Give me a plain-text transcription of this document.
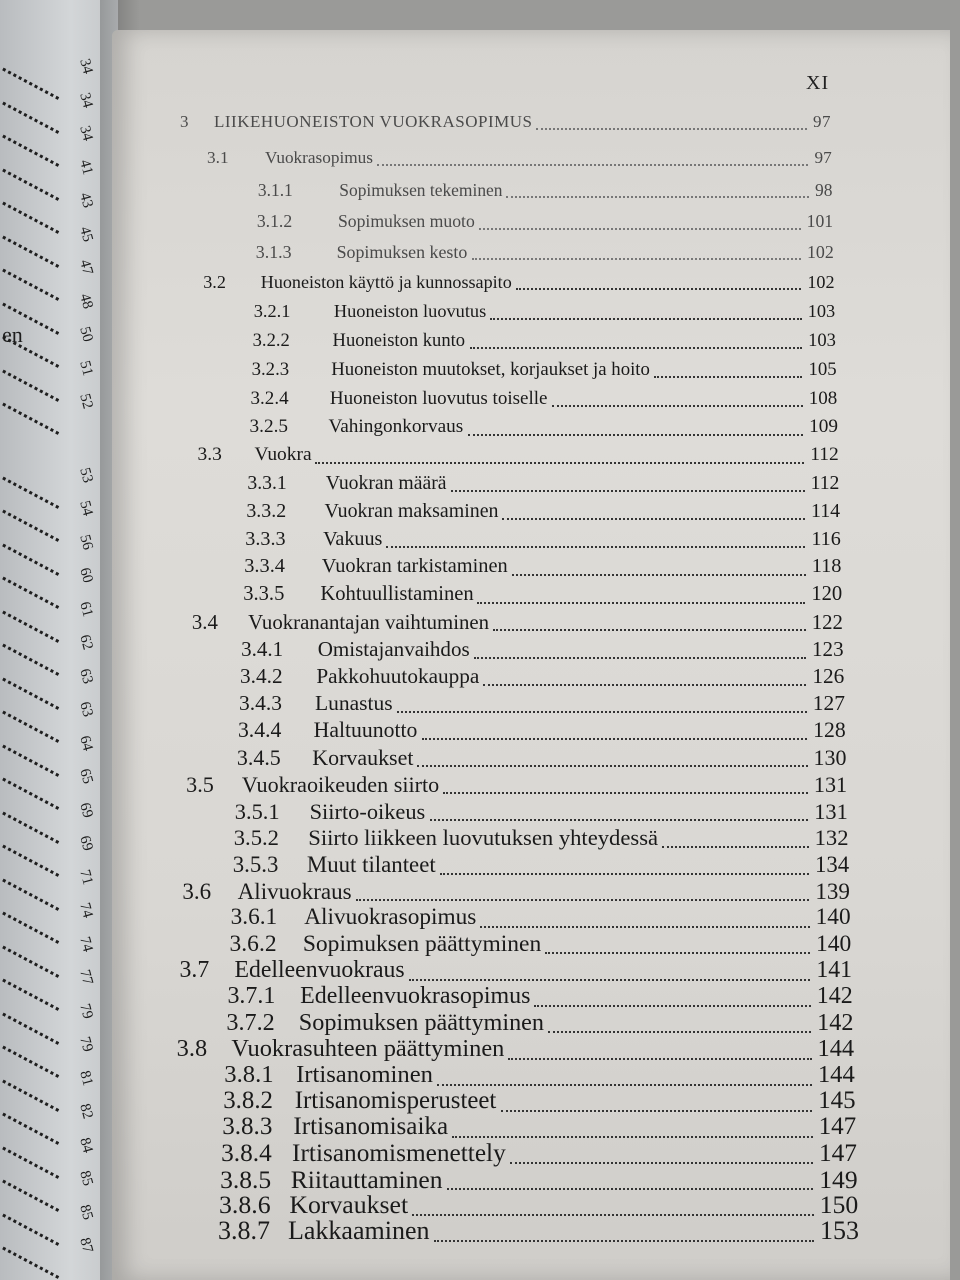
34
34
34
41
43
45
47
48
50
51
52
53
54
56
60
61
62
63
63
64
65
69
69
71
74
74
77
79
79
81
82
84
85
85
87
en
XI
3 LIIKEHUONEISTON VUOKRASOPIMUS	97
3.1 Vuokrasopimus	97
3.1.1	Sopimuksen tekeminen	98
3.1.2	Sopimuksen muoto	101
3.1.3	Sopimuksen kesto	102
3.2 Huoneiston käyttö ja kunnossapito	102
3.2.1 Huoneiston luovutus	103
3.2.2 Huoneiston kunto	103
3.2.3 Huoneiston muutokset, korjaukset ja hoito	105
3.2.4 Huoneiston luovutus toiselle	108
3.2.5 Vahingonkorvaus	109
3.3 Vuokra	112
3.3.1 Vuokran määrä	112
3.3.2 Vuokran maksaminen	114
3.3.3 Vakuus	116
3.3.4 Vuokran tarkistaminen	118
3.3.5 Kohtuullistaminen	120
3.4 Vuokranantajan vaihtuminen	122
3.4.1 Omistajanvaihdos	123
3.4.2 Pakkohuutokauppa	126
3.4.3 Lunastus	127
3.4.4 Haltuunotto	128
3.4.5 Korvaukset	130
3.5 Vuokraoikeuden siirto	131
3.5.1 Siirto-oikeus	131
3.5.2 Siirto liikkeen luovutuksen yhteydessä	132
3.5.3 Muut tilanteet	134
3.6 Alivuokraus	139
3.6.1 Alivuokrasopimus	140
3.6.2 Sopimuksen päättyminen	140
3.7 Edelleenvuokraus	141
3.7.1 Edelleenvuokrasopimus	142
3.7.2 Sopimuksen päättyminen	142
3.8 Vuokrasuhteen päättyminen	144
3.8.1 Irtisanominen	144
3.8.2 Irtisanomisperusteet	145
3.8.3 Irtisanomisaika	147
3.8.4 Irtisanomismenettely	147
3.8.5 Riitauttaminen	149
3.8.6 Korvaukset	150
3.8.7 Lakkaaminen	153
